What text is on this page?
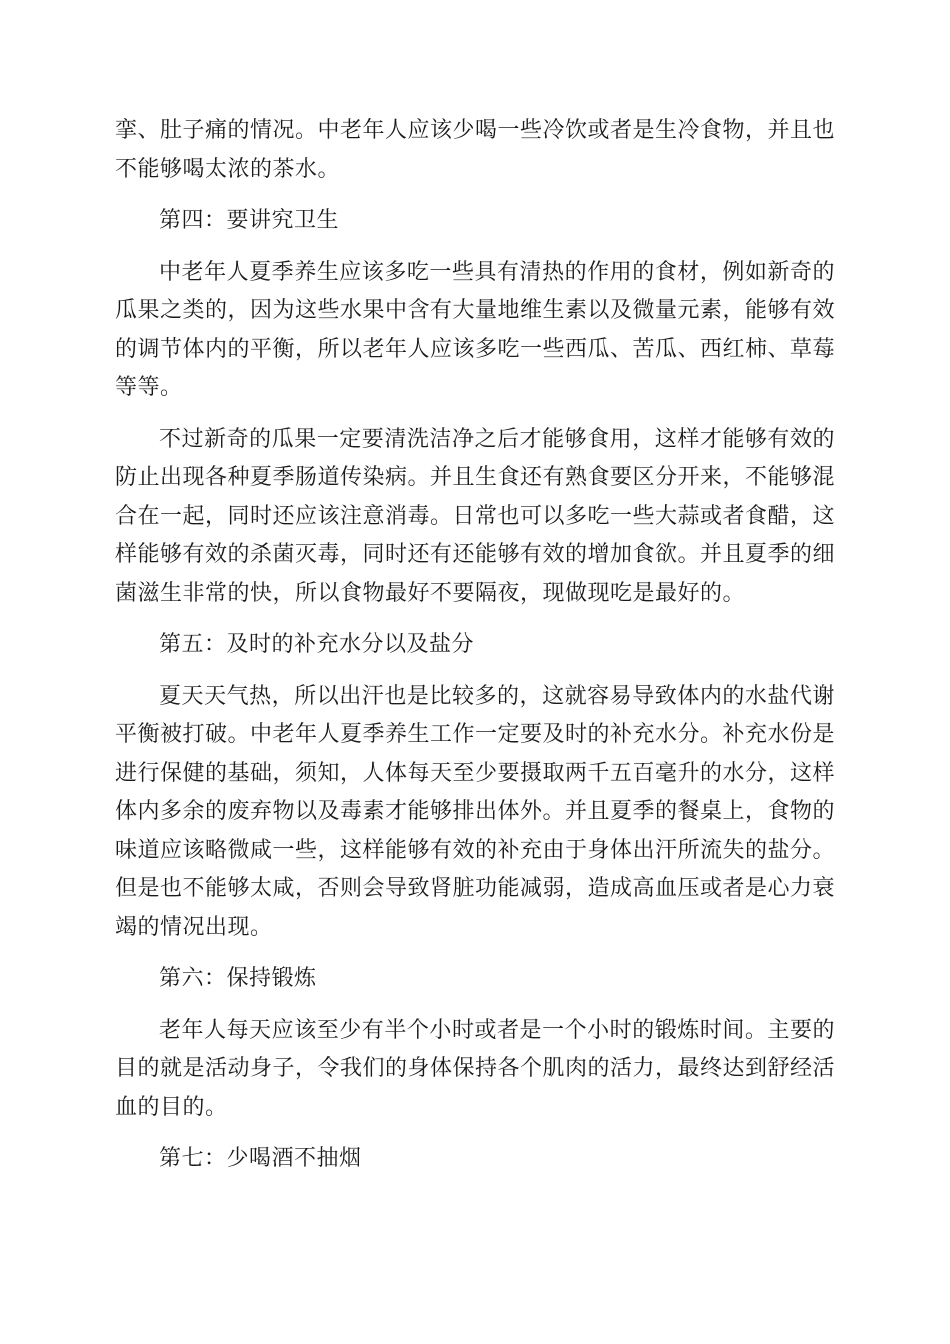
挛、肚子痛的情况。中老年人应该少喝一些冷饮或者是生冷食物，并且也不能够喝太浓的茶水。

第四：要讲究卫生

中老年人夏季养生应该多吃一些具有清热的作用的食材，例如新奇的瓜果之类的，因为这些水果中含有大量地维生素以及微量元素，能够有效的调节体内的平衡，所以老年人应该多吃一些西瓜、苦瓜、西红柿、草莓等等。

不过新奇的瓜果一定要清洗洁净之后才能够食用，这样才能够有效的防止出现各种夏季肠道传染病。并且生食还有熟食要区分开来，不能够混合在一起，同时还应该注意消毒。日常也可以多吃一些大蒜或者食醋，这样能够有效的杀菌灭毒，同时还有还能够有效的增加食欲。并且夏季的细菌滋生非常的快，所以食物最好不要隔夜，现做现吃是最好的。

第五：及时的补充水分以及盐分

夏天天气热，所以出汗也是比较多的，这就容易导致体内的水盐代谢平衡被打破。中老年人夏季养生工作一定要及时的补充水分。补充水份是进行保健的基础，须知，人体每天至少要摄取两千五百毫升的水分，这样体内多余的废弃物以及毒素才能够排出体外。并且夏季的餐桌上，食物的味道应该略微咸一些，这样能够有效的补充由于身体出汗所流失的盐分。但是也不能够太咸，否则会导致肾脏功能减弱，造成高血压或者是心力衰竭的情况出现。

第六：保持锻炼

老年人每天应该至少有半个小时或者是一个小时的锻炼时间。主要的目的就是活动身子，令我们的身体保持各个肌肉的活力，最终达到舒经活血的目的。

第七：少喝酒不抽烟
